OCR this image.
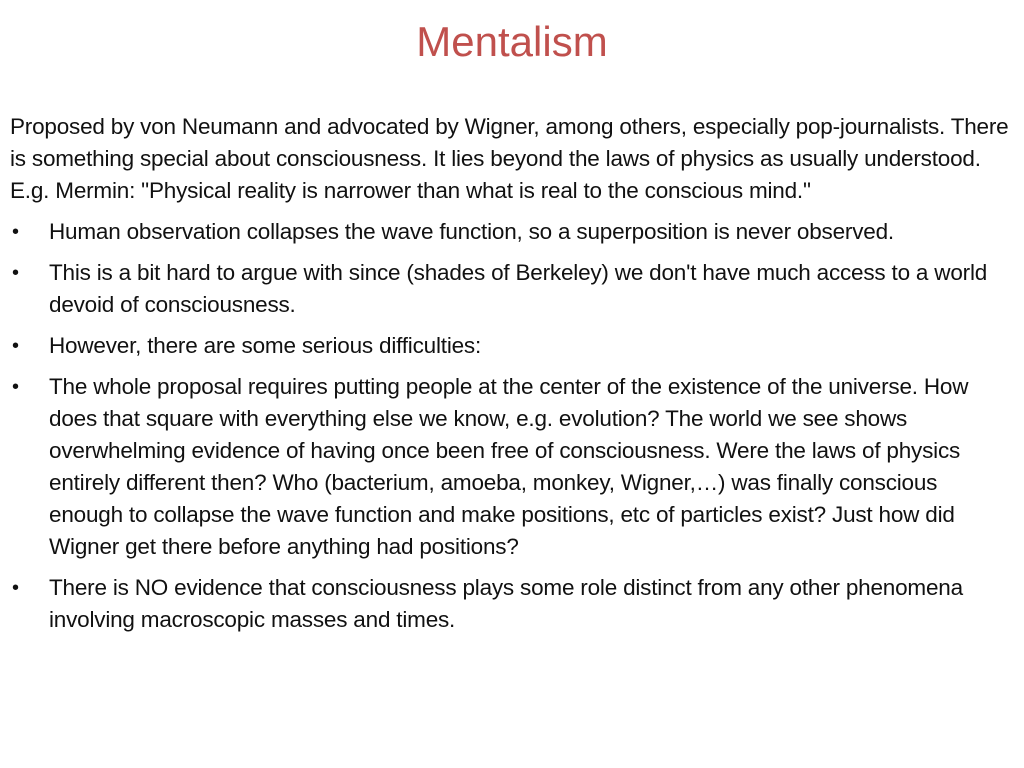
Mentalism

Proposed by von Neumann and advocated by Wigner, among others, especially pop-journalists. There is something special about consciousness. It lies beyond the laws of physics as usually understood. E.g. Mermin: "Physical reality is narrower than what is real to the conscious mind."

• Human observation collapses the wave function, so a superposition is never observed.
• This is a bit hard to argue with since (shades of Berkeley) we don't have much access to a world devoid of consciousness.
• However, there are some serious difficulties:
• The whole proposal requires putting people at the center of the existence of the universe. How does that square with everything else we know, e.g. evolution? The world we see shows overwhelming evidence of having once been free of consciousness. Were the laws of physics entirely different then? Who (bacterium, amoeba, monkey, Wigner,…) was finally conscious enough to collapse the wave function and make positions, etc of particles exist? Just how did Wigner get there before anything had positions?
• There is NO evidence that consciousness plays some role distinct from any other phenomena involving macroscopic masses and times.
